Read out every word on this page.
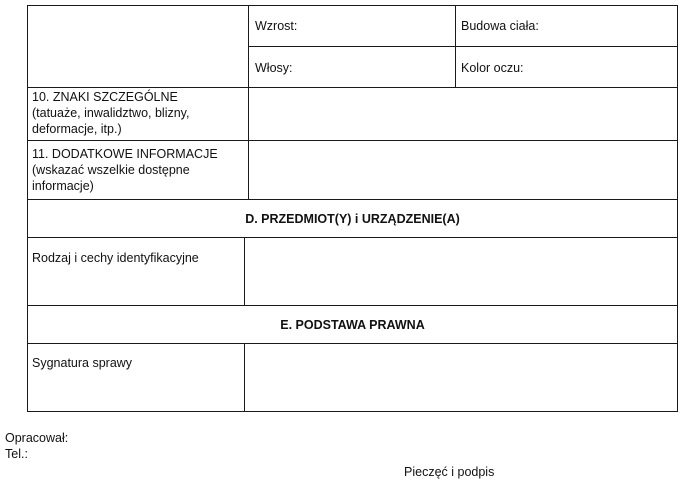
Wzrost:	Budowa ciała:
Włosy:	Kolor oczu:
10. ZNAKI SZCZEGÓLNE
(tatuaże, inwalidztwo, blizny,
deformacje, itp.)
11. DODATKOWE INFORMACJE
(wskazać wszelkie dostępne
informacje)
D. PRZEDMIOT(Y) i URZĄDZENIE(A)
Rodzaj i cechy identyfikacyjne
E. PODSTAWA PRAWNA
Sygnatura sprawy
Opracował:
Tel.:
Pieczęć i podpis
